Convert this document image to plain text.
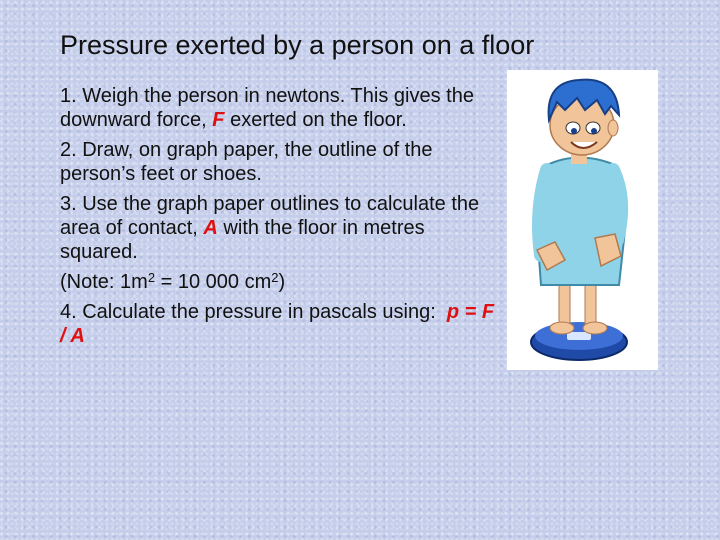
Pressure exerted by a person on a floor
1. Weigh the person in newtons. This gives the downward force, F exerted on the floor.
2. Draw, on graph paper, the outline of the person’s feet or shoes.
3. Use the graph paper outlines to calculate the area of contact, A with the floor in metres squared.
(Note: $1m^2 = 10$ 000 $cm^2$)
4. Calculate the pressure in pascals using: p = F / A
